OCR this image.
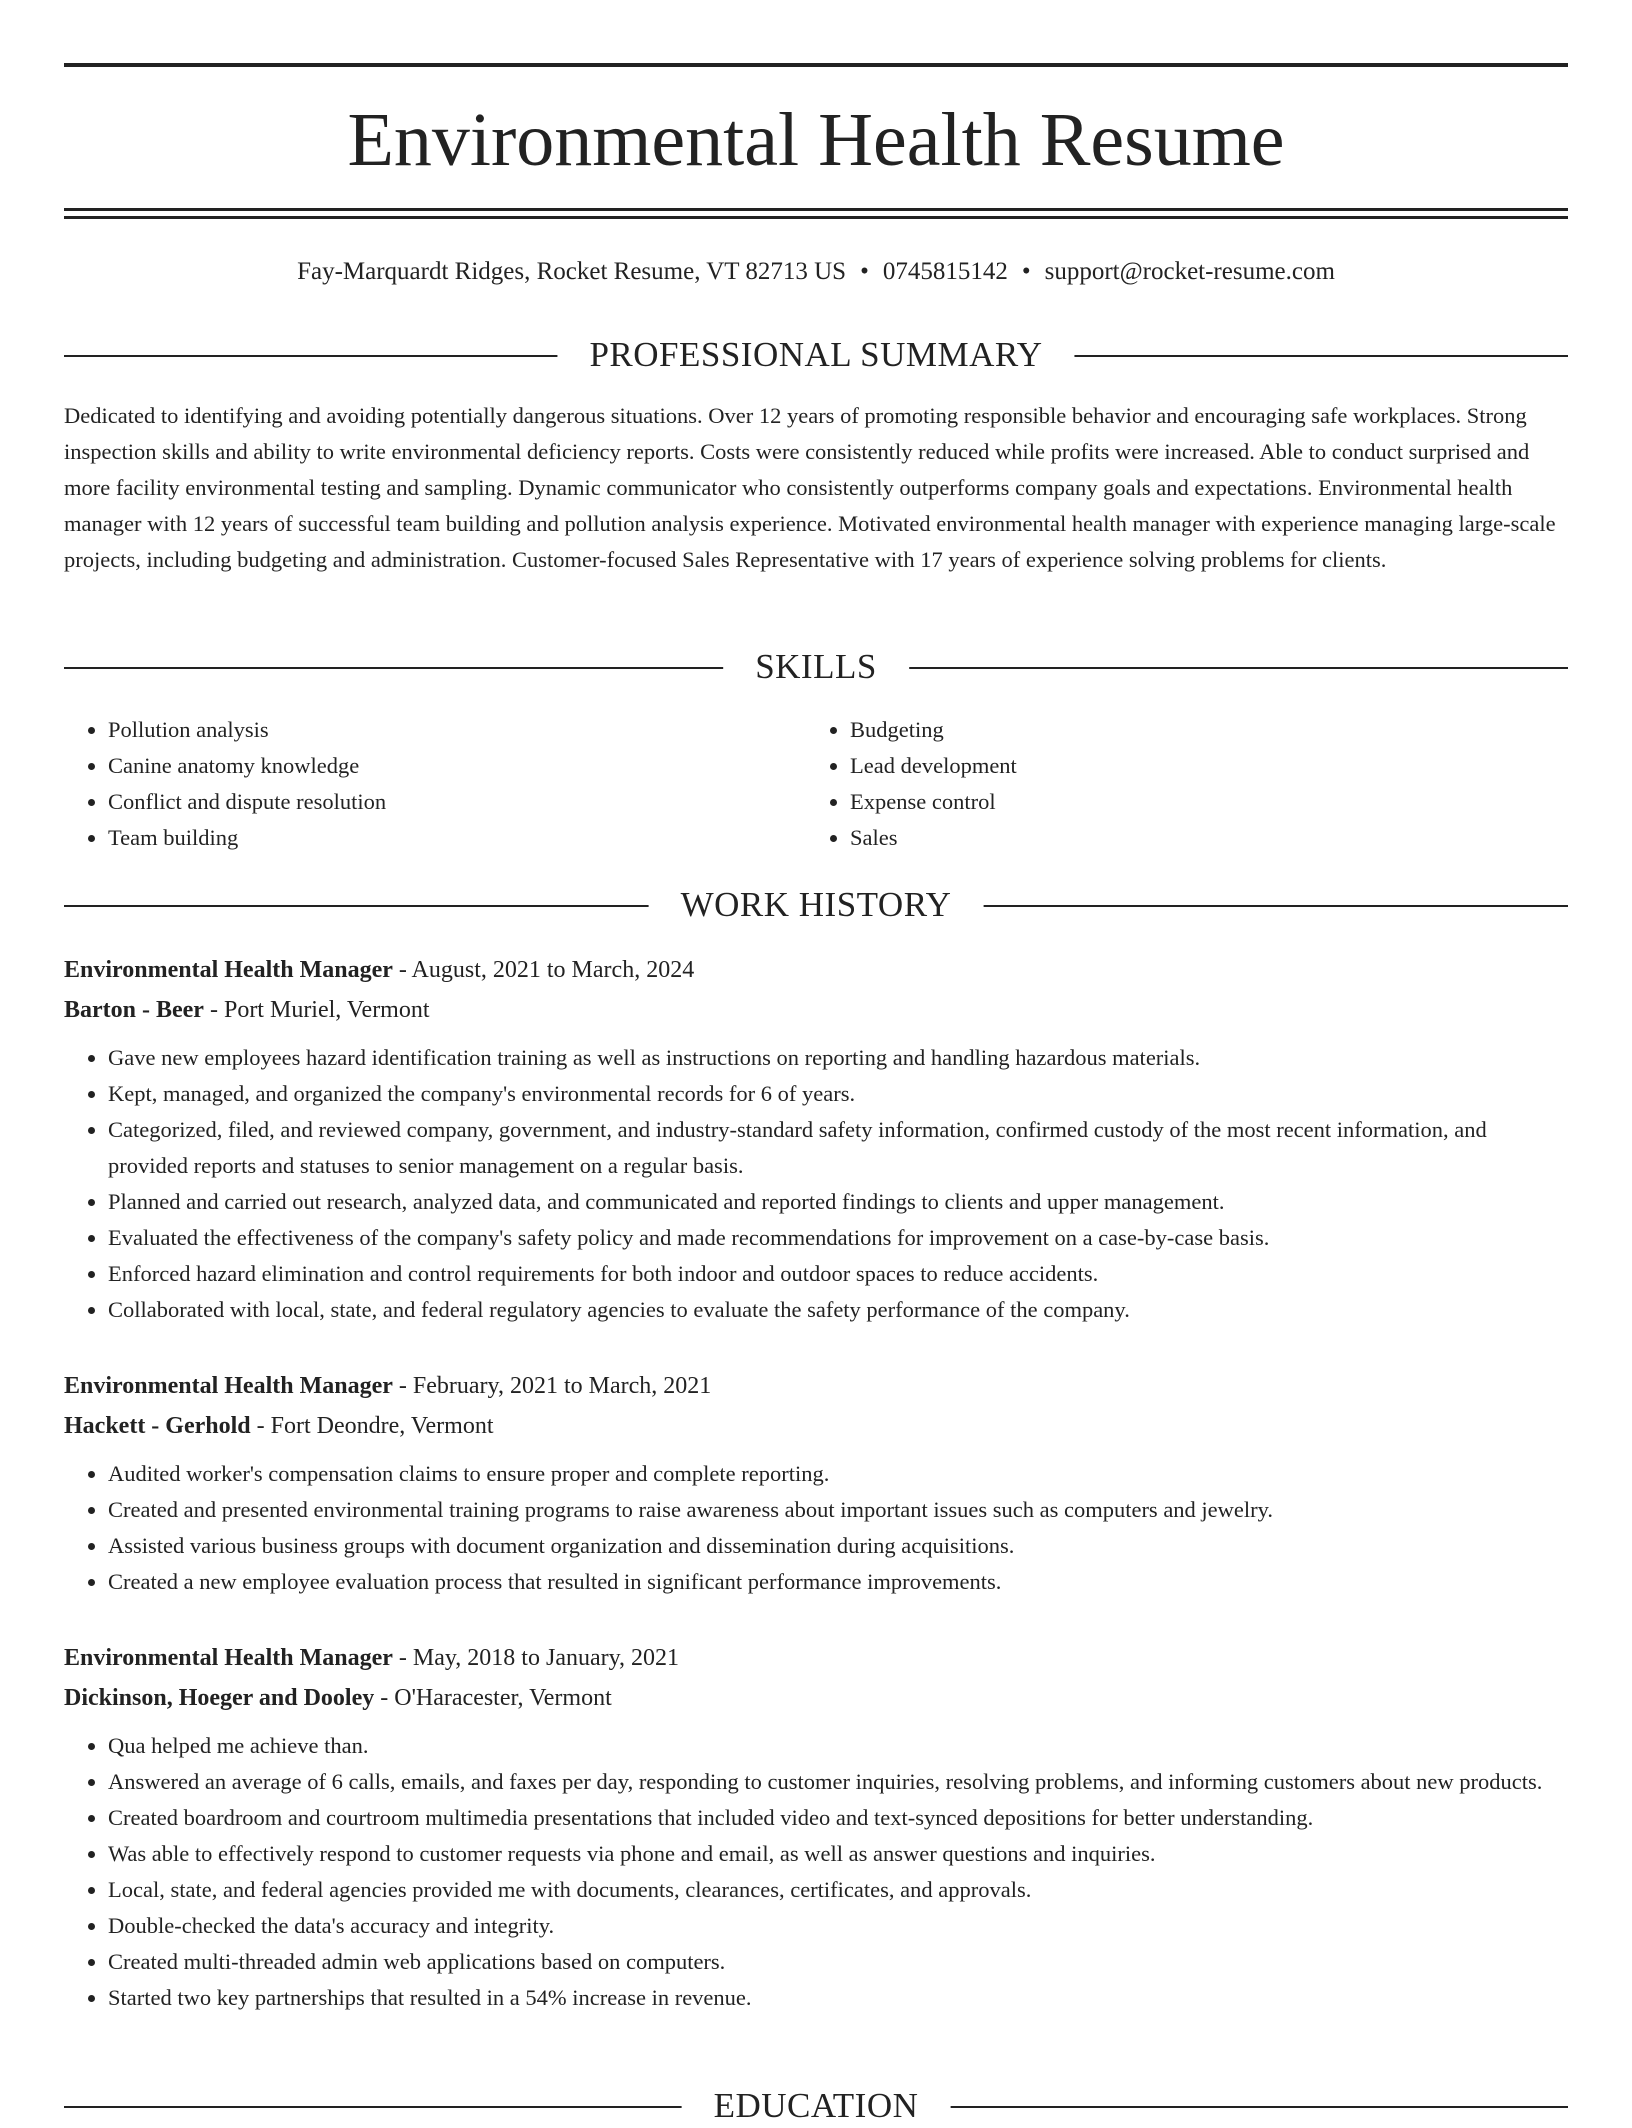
Environmental Health Resume
Fay-Marquardt Ridges, Rocket Resume, VT 82713 US • 0745815142 • support@rocket-resume.com
PROFESSIONAL SUMMARY
Dedicated to identifying and avoiding potentially dangerous situations. Over 12 years of promoting responsible behavior and encouraging safe workplaces. Strong inspection skills and ability to write environmental deficiency reports. Costs were consistently reduced while profits were increased. Able to conduct surprised and more facility environmental testing and sampling. Dynamic communicator who consistently outperforms company goals and expectations. Environmental health manager with 12 years of successful team building and pollution analysis experience. Motivated environmental health manager with experience managing large-scale projects, including budgeting and administration. Customer-focused Sales Representative with 17 years of experience solving problems for clients.
SKILLS
• Pollution analysis
• Canine anatomy knowledge
• Conflict and dispute resolution
• Team building
• Budgeting
• Lead development
• Expense control
• Sales
WORK HISTORY
Environmental Health Manager - August, 2021 to March, 2024
Barton - Beer - Port Muriel, Vermont
• Gave new employees hazard identification training as well as instructions on reporting and handling hazardous materials.
• Kept, managed, and organized the company's environmental records for 6 of years.
• Categorized, filed, and reviewed company, government, and industry-standard safety information, confirmed custody of the most recent information, and provided reports and statuses to senior management on a regular basis.
• Planned and carried out research, analyzed data, and communicated and reported findings to clients and upper management.
• Evaluated the effectiveness of the company's safety policy and made recommendations for improvement on a case-by-case basis.
• Enforced hazard elimination and control requirements for both indoor and outdoor spaces to reduce accidents.
• Collaborated with local, state, and federal regulatory agencies to evaluate the safety performance of the company.
Environmental Health Manager - February, 2021 to March, 2021
Hackett - Gerhold - Fort Deondre, Vermont
• Audited worker's compensation claims to ensure proper and complete reporting.
• Created and presented environmental training programs to raise awareness about important issues such as computers and jewelry.
• Assisted various business groups with document organization and dissemination during acquisitions.
• Created a new employee evaluation process that resulted in significant performance improvements.
Environmental Health Manager - May, 2018 to January, 2021
Dickinson, Hoeger and Dooley - O'Haracester, Vermont
• Qua helped me achieve than.
• Answered an average of 6 calls, emails, and faxes per day, responding to customer inquiries, resolving problems, and informing customers about new products.
• Created boardroom and courtroom multimedia presentations that included video and text-synced depositions for better understanding.
• Was able to effectively respond to customer requests via phone and email, as well as answer questions and inquiries.
• Local, state, and federal agencies provided me with documents, clearances, certificates, and approvals.
• Double-checked the data's accuracy and integrity.
• Created multi-threaded admin web applications based on computers.
• Started two key partnerships that resulted in a 54% increase in revenue.
EDUCATION
